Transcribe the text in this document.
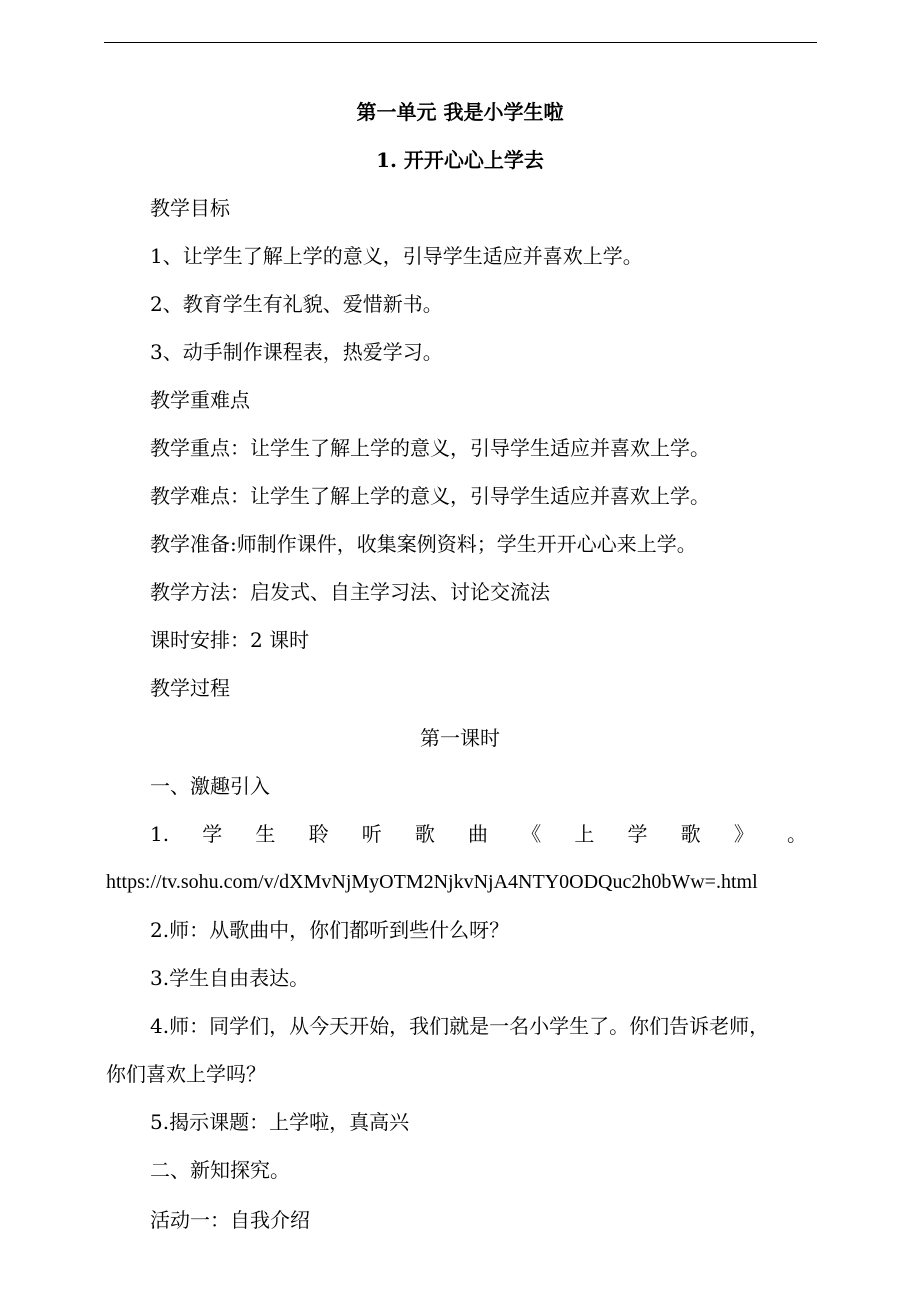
第一单元 我是小学生啦
1. 开开心心上学去
教学目标
1、让学生了解上学的意义，引导学生适应并喜欢上学。
2、教育学生有礼貌、爱惜新书。
3、动手制作课程表，热爱学习。
教学重难点
教学重点：让学生了解上学的意义，引导学生适应并喜欢上学。
教学难点：让学生了解上学的意义，引导学生适应并喜欢上学。
教学准备:师制作课件，收集案例资料；学生开开心心来上学。
教学方法：启发式、自主学习法、讨论交流法
课时安排：2 课时
教学过程
第一课时
一、激趣引入
1. 学 生 聆 听 歌 曲 《 上 学 歌 》 。
https://tv.sohu.com/v/dXMvNjMyOTM2NjkvNjA4NTY0ODQuc2h0bWw=.html
2.师：从歌曲中，你们都听到些什么呀？
3.学生自由表达。
4.师：同学们，从今天开始，我们就是一名小学生了。你们告诉老师，
你们喜欢上学吗？
5.揭示课题：上学啦，真高兴
二、新知探究。
活动一：自我介绍
